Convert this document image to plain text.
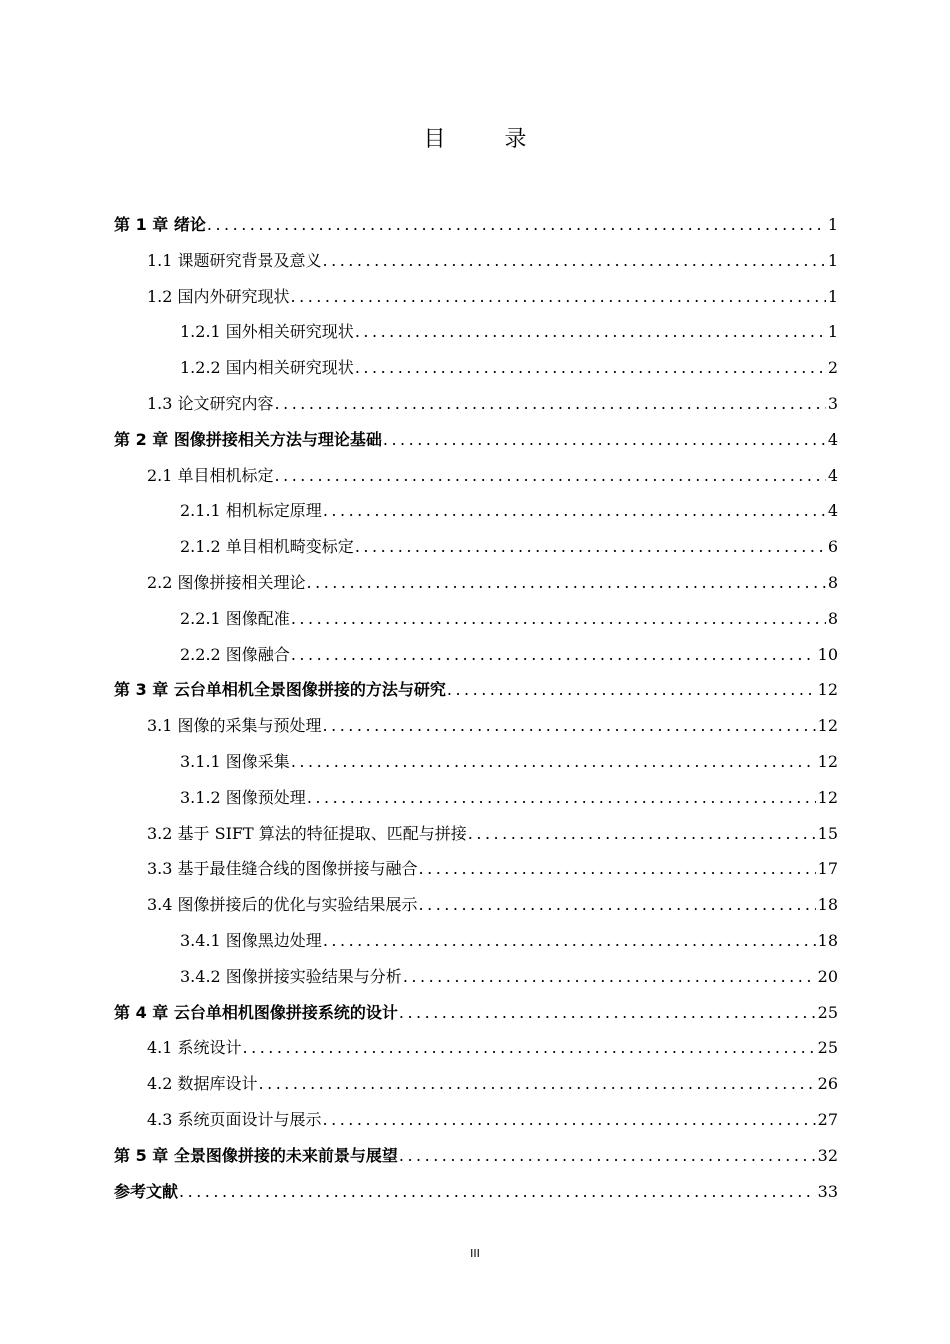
目 录
第 1 章 绪论 .....	1
1.1 课题研究背景及意义 .....	1
1.2 国内外研究现状 .....	1
1.2.1 国外相关研究现状 .....	1
1.2.2 国内相关研究现状 .....	2
1.3 论文研究内容 .....	3
第 2 章 图像拼接相关方法与理论基础 .....	4
2.1 单目相机标定 .....	4
2.1.1 相机标定原理 .....	4
2.1.2 单目相机畸变标定 .....	6
2.2 图像拼接相关理论 .....	8
2.2.1 图像配准 .....	8
2.2.2 图像融合 .....	10
第 3 章 云台单相机全景图像拼接的方法与研究 .....	12
3.1 图像的采集与预处理 .....	12
3.1.1 图像采集 .....	12
3.1.2 图像预处理 .....	12
3.2 基于 SIFT 算法的特征提取、匹配与拼接 .....	15
3.3 基于最佳缝合线的图像拼接与融合 .....	17
3.4 图像拼接后的优化与实验结果展示 .....	18
3.4.1 图像黑边处理 .....	18
3.4.2 图像拼接实验结果与分析 .....	20
第 4 章 云台单相机图像拼接系统的设计 .....	25
4.1 系统设计 .....	25
4.2 数据库设计 .....	26
4.3 系统页面设计与展示 .....	27
第 5 章 全景图像拼接的未来前景与展望 .....	32
参考文献 .....	33
III
